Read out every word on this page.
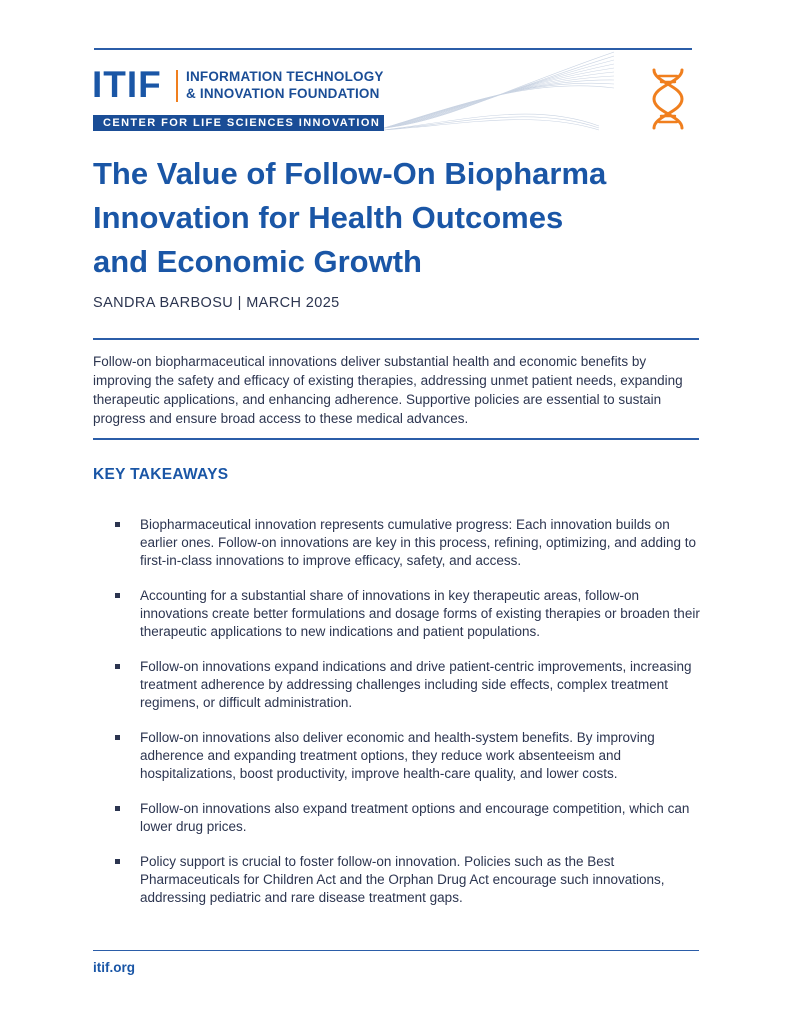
ITIF INFORMATION TECHNOLOGY
& INNOVATION FOUNDATION
CENTER FOR LIFE SCIENCES INNOVATION
The Value of Follow-On Biopharma
Innovation for Health Outcomes
and Economic Growth
SANDRA BARBOSU | MARCH 2025
Follow-on biopharmaceutical innovations deliver substantial health and economic benefits by improving the safety and efficacy of existing therapies, addressing unmet patient needs, expanding therapeutic applications, and enhancing adherence. Supportive policies are essential to sustain progress and ensure broad access to these medical advances.
KEY TAKEAWAYS
Biopharmaceutical innovation represents cumulative progress: Each innovation builds on earlier ones. Follow-on innovations are key in this process, refining, optimizing, and adding to first-in-class innovations to improve efficacy, safety, and access.
Accounting for a substantial share of innovations in key therapeutic areas, follow-on innovations create better formulations and dosage forms of existing therapies or broaden their therapeutic applications to new indications and patient populations.
Follow-on innovations expand indications and drive patient-centric improvements, increasing treatment adherence by addressing challenges including side effects, complex treatment regimens, or difficult administration.
Follow-on innovations also deliver economic and health-system benefits. By improving adherence and expanding treatment options, they reduce work absenteeism and hospitalizations, boost productivity, improve health-care quality, and lower costs.
Follow-on innovations also expand treatment options and encourage competition, which can lower drug prices.
Policy support is crucial to foster follow-on innovation. Policies such as the Best Pharmaceuticals for Children Act and the Orphan Drug Act encourage such innovations, addressing pediatric and rare disease treatment gaps.
itif.org
